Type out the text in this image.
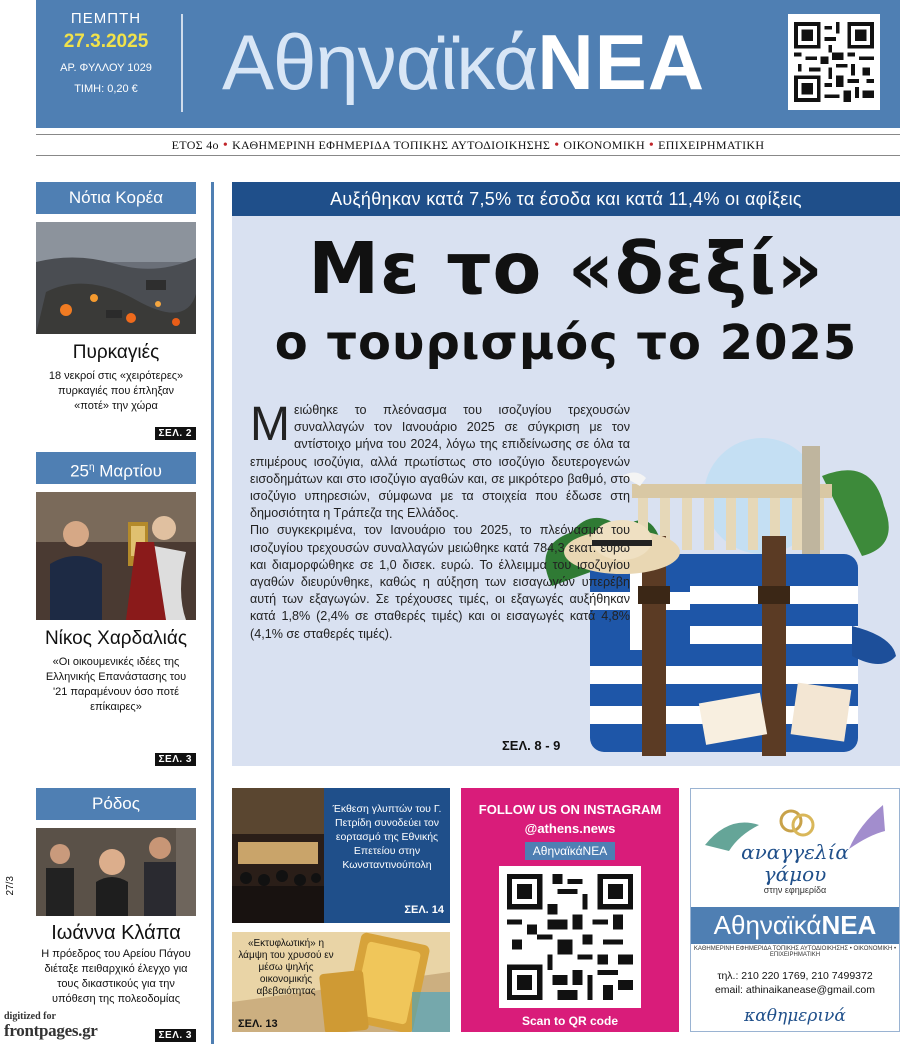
ΠΕΜΠΤΗ
27.3.2025
ΑΡ. ΦΥΛΛΟΥ 1029
ΤΙΜΗ: 0,20 €	ΑθηναϊκάΝΕΑ
ΕΤΟΣ 4ο • ΚΑΘΗΜΕΡΙΝΗ ΕΦΗΜΕΡΙΔΑ ΤΟΠΙΚΗΣ ΑΥΤΟΔΙΟΙΚΗΣΗΣ • ΟΙΚΟΝΟΜΙΚΗ • ΕΠΙΧΕΙΡΗΜΑΤΙΚΗ
Νότια Κορέα
Πυρκαγιές
18 νεκροί στις «χειρότερες» πυρκαγιές που έπληξαν «ποτέ» την χώρα
ΣΕΛ. 2
$25^\eta$ Μαρτίου
Νίκος Χαρδαλιάς
«Οι οικουμενικές ιδέες της Ελληνικής Επανάστασης του '21 παραμένουν όσο ποτέ επίκαιρες»
ΣΕΛ. 3
Ρόδος
Ιωάννα Κλάπα
Η πρόεδρος του Αρείου Πάγου διέταξε πειθαρχικό έλεγχο για τους δικαστικούς για την υπόθεση της πολεοδομίας
ΣΕΛ. 3
27/3
digitized for
frontpages.gr
Αυξήθηκαν κατά 7,5% τα έσοδα και κατά 11,4% οι αφίξεις
Με το «δεξί»
ο τουρισμός το 2025
Μειώθηκε το πλεόνασμα του ισοζυγίου τρεχουσών συναλλαγών τον Ιανουάριο 2025 σε σύγκριση με τον αντίστοιχο μήνα του 2024, λόγω της επιδείνωσης σε όλα τα επιμέρους ισοζύγια, αλλά πρωτίστως στο ισοζύγιο δευτερογενών εισοδημάτων και στο ισοζύγιο αγαθών και, σε μικρότερο βαθμό, στο ισοζύγιο υπηρεσιών, σύμφωνα με τα στοιχεία που έδωσε στη δημοσιότητα η Τράπεζα της Ελλάδος.
Πιο συγκεκριμένα, τον Ιανουάριο του 2025, το πλεόνασμα του ισοζυγίου τρεχουσών συναλλαγών μειώθηκε κατά 784,3 εκατ. ευρώ και διαμορφώθηκε σε 1,0 δισεκ. ευρώ. Το έλλειμμα του ισοζυγίου αγαθών διευρύνθηκε, καθώς η αύξηση των εισαγωγών υπερέβη αυτή των εξαγωγών. Σε τρέχουσες τιμές, οι εξαγωγές αυξήθηκαν κατά 1,8% (2,4% σε σταθερές τιμές) και οι εισαγωγές κατά 4,8% (4,1% σε σταθερές τιμές).
ΣΕΛ. 8 - 9
Έκθεση γλυπτών του Γ. Πετρίδη συνοδεύει τον εορτασμό της Εθνικής Επετείου στην Κωνσταντινούπολη
ΣΕΛ. 14
«Εκτυφλωτική» η λάμψη του χρυσού εν μέσω ψηλής οικονομικής αβεβαιότητας
ΣΕΛ. 13
FOLLOW US ON INSTAGRAM
@athens.news
ΑθηναϊκάΝΕΑ
Scan to QR code
αναγγελία
γάμου
στην εφημερίδα
ΑθηναϊκάΝΕΑ
ΚΑΘΗΜΕΡΙΝΗ ΕΦΗΜΕΡΙΔΑ ΤΟΠΙΚΗΣ ΑΥΤΟΔΙΟΙΚΗΣΗΣ • ΟΙΚΟΝΟΜΙΚΗ • ΕΠΙΧΕΙΡΗΜΑΤΙΚΗ
τηλ.: 210 220 1769, 210 7499372
email: athinaikanease@gmail.com
καθημερινά
